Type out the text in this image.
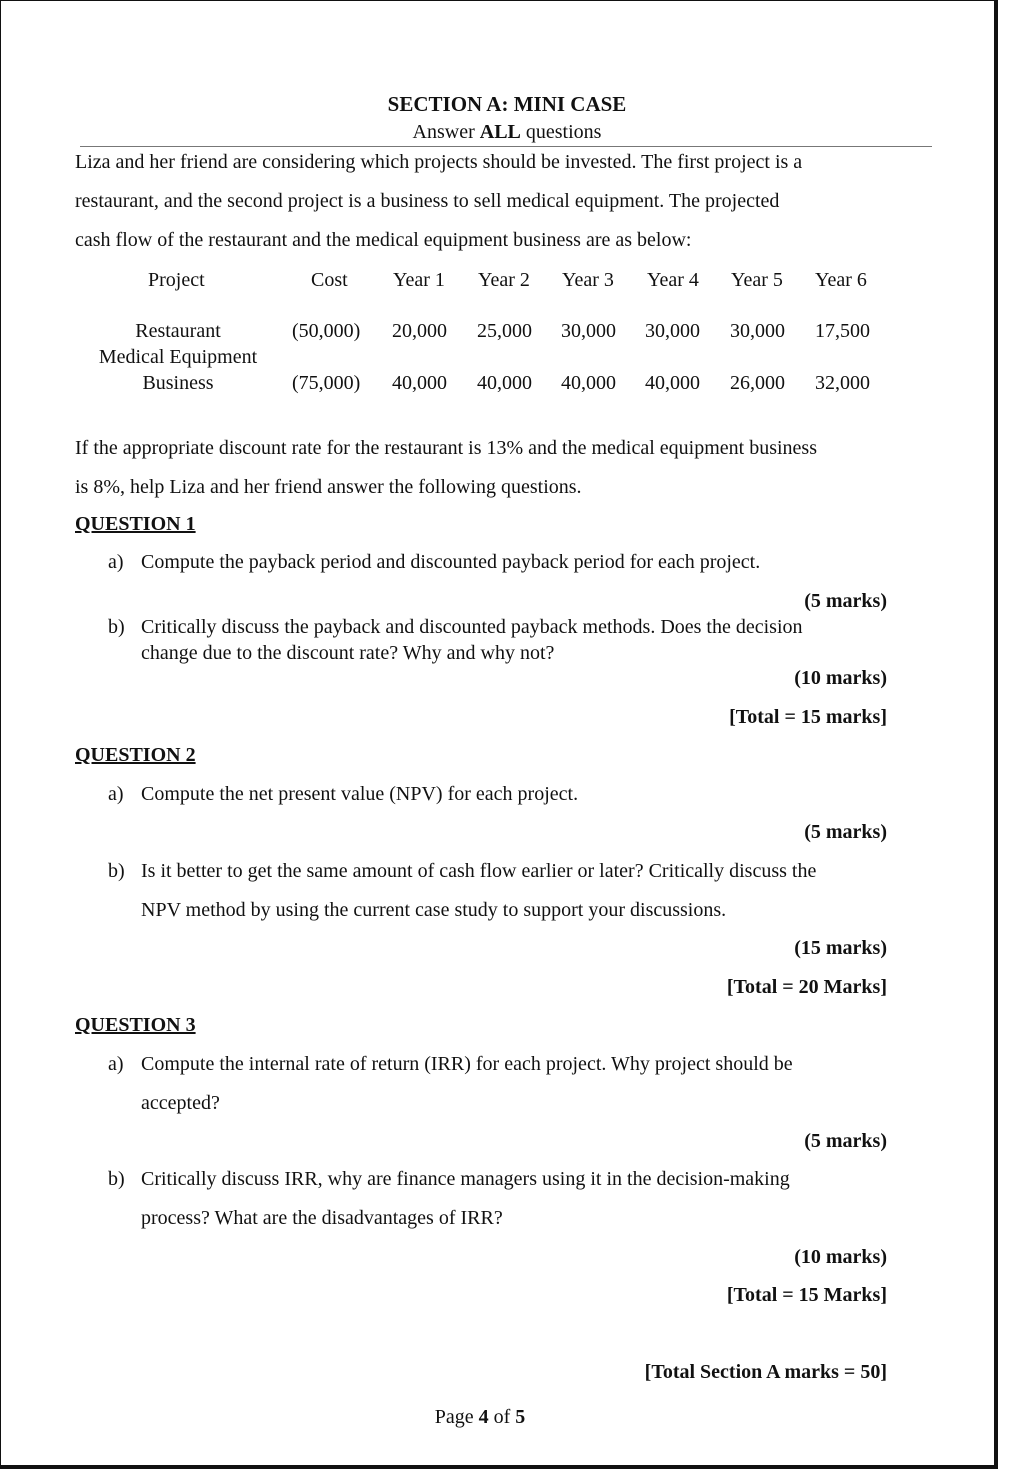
SECTION A: MINI CASE
Answer ALL questions

Liza and her friend are considering which projects should be invested. The first project is a

restaurant, and the second project is a business to sell medical equipment. The projected

cash flow of the restaurant and the medical equipment business are as below:

Project	Cost Year 1 Year 2 Year 3 Year 4 Year 5 Year 6
Restaurant	(50,000) 20,000 25,000 30,000 30,000 30,000 17,500
Medical Equipment
Business	(75,000) 40,000 40,000 40,000 40,000 26,000 32,000

If the appropriate discount rate for the restaurant is 13% and the medical equipment business

is 8%, help Liza and her friend answer the following questions.

QUESTION 1
a) Compute the payback period and discounted payback period for each project.
(5 marks)
b) Critically discuss the payback and discounted payback methods. Does the decision
change due to the discount rate? Why and why not?
(10 marks)
[Total = 15 marks]
QUESTION 2
a) Compute the net present value (NPV) for each project.
(5 marks)
b) Is it better to get the same amount of cash flow earlier or later? Critically discuss the
NPV method by using the current case study to support your discussions.
(15 marks)
[Total = 20 Marks]
QUESTION 3
a) Compute the internal rate of return (IRR) for each project. Why project should be
accepted?
(5 marks)
b) Critically discuss IRR, why are finance managers using it in the decision-making
process? What are the disadvantages of IRR?
(10 marks)
[Total = 15 Marks]
[Total Section A marks = 50]
Page 4 of 5
